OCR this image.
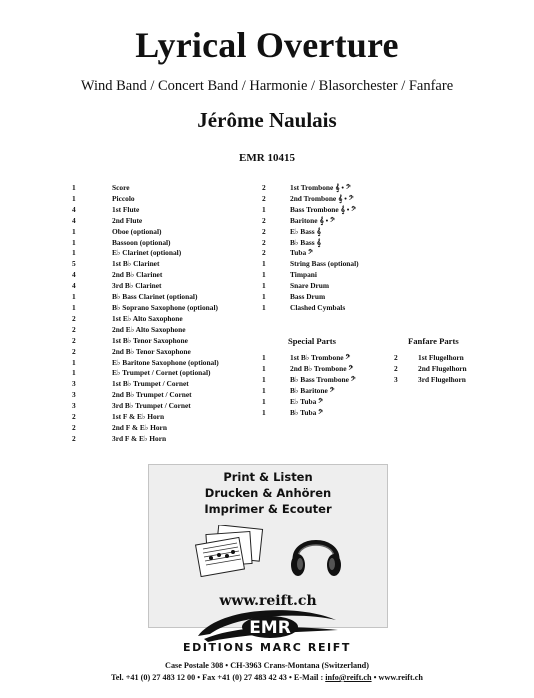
Lyrical Overture
Wind Band / Concert Band / Harmonie / Blasorchester / Fanfare
Jérôme Naulais
EMR 10415
1	Score
1	Piccolo
4	1st Flute
4	2nd Flute
1	Oboe (optional)
1	Bassoon (optional)
1	E♭ Clarinet (optional)
5	1st B♭ Clarinet
4	2nd B♭ Clarinet
4	3rd B♭ Clarinet
1	B♭ Bass Clarinet (optional)
1	B♭ Soprano Saxophone (optional)
2	1st E♭ Alto Saxophone
2	2nd E♭ Alto Saxophone
2	1st B♭ Tenor Saxophone
2	2nd B♭ Tenor Saxophone
1	E♭ Baritone Saxophone (optional)
1	E♭ Trumpet / Cornet (optional)
3	1st B♭ Trumpet / Cornet
3	2nd B♭ Trumpet / Cornet
3	3rd B♭ Trumpet / Cornet
2	1st F & E♭ Horn
2	2nd F & E♭ Horn
2	3rd F & E♭ Horn
2	1st Trombone 𝄞 • 𝄢
2	2nd Trombone 𝄞 • 𝄢
1	Bass Trombone 𝄞 • 𝄢
2	Baritone 𝄞 • 𝄢
2	E♭ Bass 𝄞
2	B♭ Bass 𝄞
2	Tuba 𝄢
1	String Bass (optional)
1	Timpani
1	Snare Drum
1	Bass Drum
1	Clashed Cymbals
Special Parts
1	1st B♭ Trombone 𝄢
1	2nd B♭ Trombone 𝄢
1	B♭ Bass Trombone 𝄢
1	B♭ Baritone 𝄢
1	E♭ Tuba 𝄢
1	B♭ Tuba 𝄢
Fanfare Parts
2	1st Flugelhorn
2	2nd Flugelhorn
3	3rd Flugelhorn
Print & Listen
Drucken & Anhören
Imprimer & Ecouter
www.reift.ch
EMR
EDITIONS MARC REIFT
Case Postale 308 • CH-3963 Crans-Montana (Switzerland)
Tel. +41 (0) 27 483 12 00 • Fax +41 (0) 27 483 42 43 • E-Mail : info@reift.ch • www.reift.ch
